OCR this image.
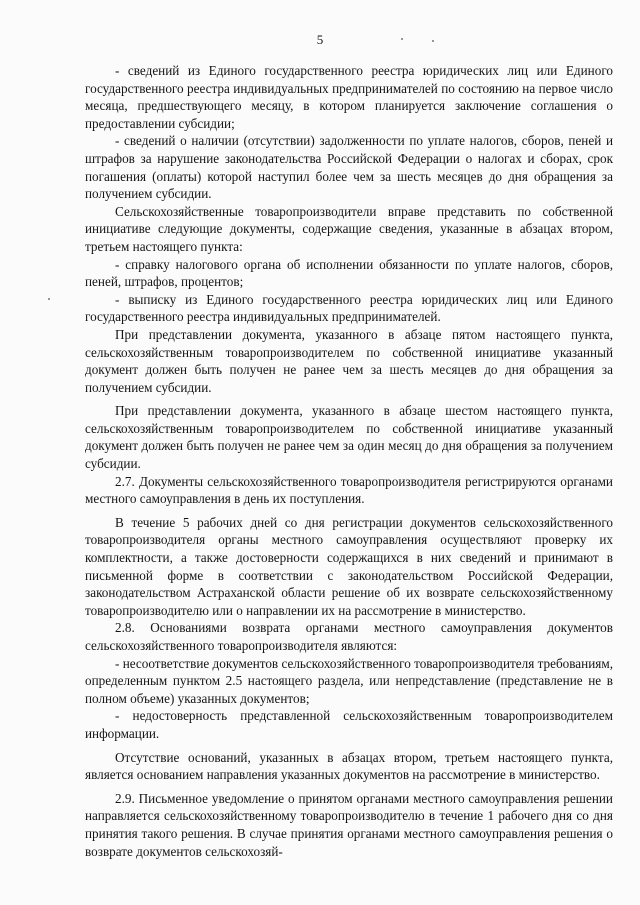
5

- сведений из Единого государственного реестра юридических лиц или Единого государственного реестра индивидуальных предпринимателей по состоянию на первое число месяца, предшествующего месяцу, в котором планируется заключение соглашения о предоставлении субсидии;

- сведений о наличии (отсутствии) задолженности по уплате налогов, сборов, пеней и штрафов за нарушение законодательства Российской Федерации о налогах и сборах, срок погашения (оплаты) которой наступил более чем за шесть месяцев до дня обращения за получением субсидии.

Сельскохозяйственные товаропроизводители вправе представить по собственной инициативе следующие документы, содержащие сведения, указанные в абзацах втором, третьем настоящего пункта:

- справку налогового органа об исполнении обязанности по уплате налогов, сборов, пеней, штрафов, процентов;

- выписку из Единого государственного реестра юридических лиц или Единого государственного реестра индивидуальных предпринимателей.

При представлении документа, указанного в абзаце пятом настоящего пункта, сельскохозяйственным товаропроизводителем по собственной инициативе указанный документ должен быть получен не ранее чем за шесть месяцев до дня обращения за получением субсидии.

При представлении документа, указанного в абзаце шестом настоящего пункта, сельскохозяйственным товаропроизводителем по собственной инициативе указанный документ должен быть получен не ранее чем за один месяц до дня обращения за получением субсидии.

2.7. Документы сельскохозяйственного товаропроизводителя регистрируются органами местного самоуправления в день их поступления.

В течение 5 рабочих дней со дня регистрации документов сельскохозяйственного товаропроизводителя органы местного самоуправления осуществляют проверку их комплектности, а также достоверности содержащихся в них сведений и принимают в письменной форме в соответствии с законодательством Российской Федерации, законодательством Астраханской области решение об их возврате сельскохозяйственному товаропроизводителю или о направлении их на рассмотрение в министерство.

2.8. Основаниями возврата органами местного самоуправления документов сельскохозяйственного товаропроизводителя являются:

- несоответствие документов сельскохозяйственного товаропроизводителя требованиям, определенным пунктом 2.5 настоящего раздела, или непредставление (представление не в полном объеме) указанных документов;

- недостоверность представленной сельскохозяйственным товаропроизводителем информации.

Отсутствие оснований, указанных в абзацах втором, третьем настоящего пункта, является основанием направления указанных документов на рассмотрение в министерство.

2.9. Письменное уведомление о принятом органами местного самоуправления решении направляется сельскохозяйственному товаропроизводителю в течение 1 рабочего дня со дня принятия такого решения. В случае принятия органами местного самоуправления решения о возврате документов сельскохозяй-
